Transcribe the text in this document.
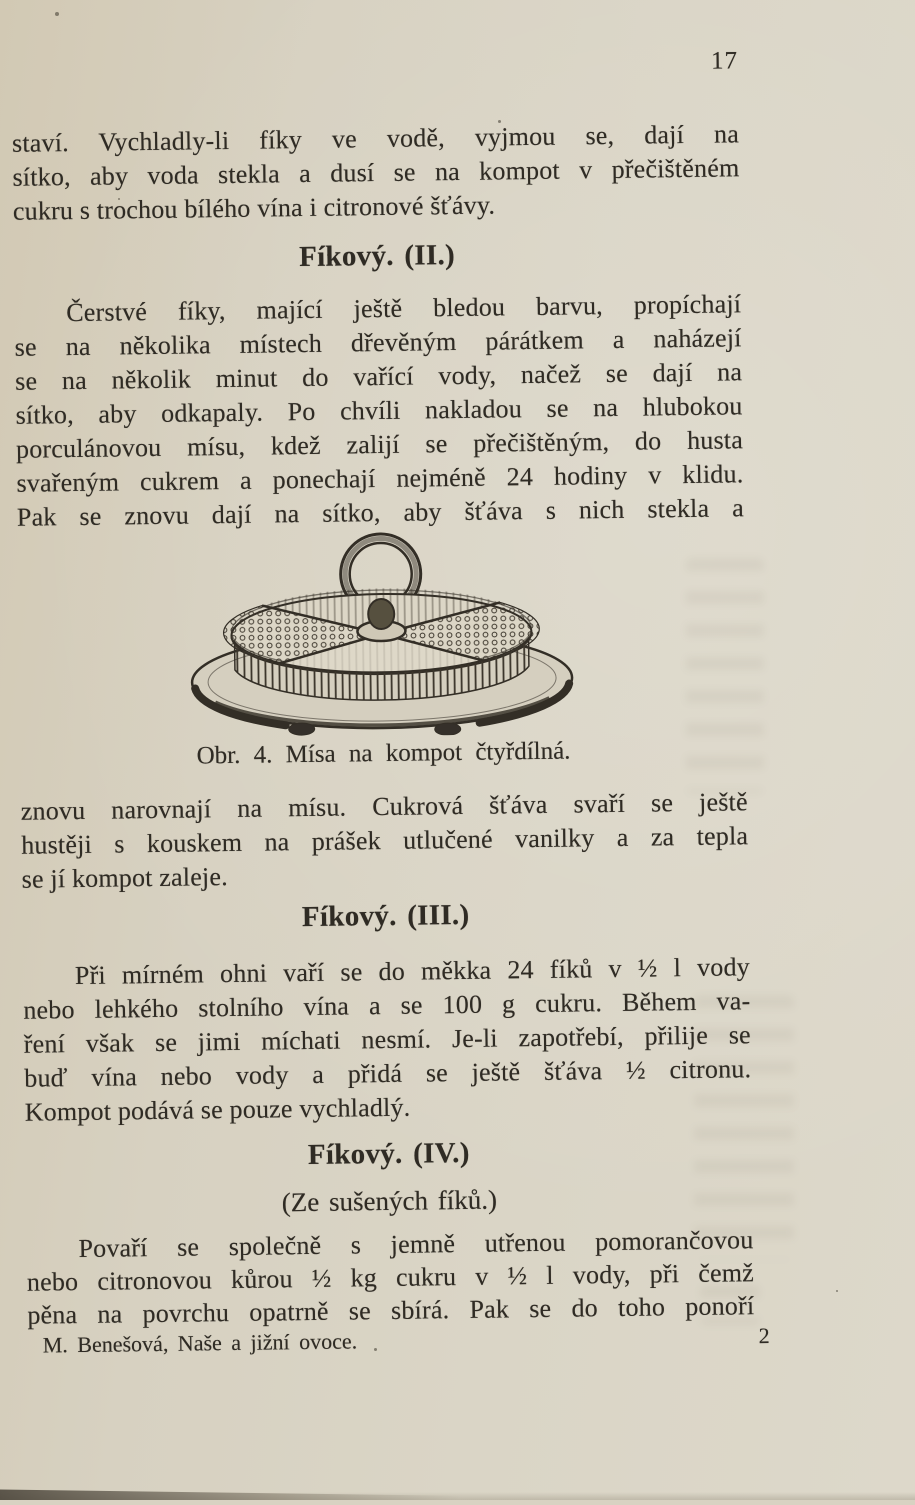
17
staví. Vychladly-li fíky ve vodě, vyjmou se, dají na
sítko, aby voda stekla a dusí se na kompot v přečištěném
cukru s trochou bílého vína i citronové šťávy.
Fíkový. (II.)
Čerstvé fíky, mající ještě bledou barvu, propíchají
se na několika místech dřevěným párátkem a naházejí
se na několik minut do vařící vody, načež se dají na
sítko, aby odkapaly. Po chvíli nakladou se na hlubokou
porculánovou mísu, kdež zalijí se přečištěným, do husta
svařeným cukrem a ponechají nejméně 24 hodiny v klidu.
Pak se znovu dají na sítko, aby šťáva s nich stekla a
Obr. 4. Mísa na kompot čtyřdílná.
znovu narovnají na mísu. Cukrová šťáva svaří se ještě
hustěji s kouskem na prášek utlučené vanilky a za tepla
se jí kompot zaleje.
Fíkový. (III.)
Při mírném ohni vaří se do měkka 24 fíků v ½ l vody
nebo lehkého stolního vína a se 100 g cukru. Během va-
ření však se jimi míchati nesmí. Je-li zapotřebí, přilije se
buď vína nebo vody a přidá se ještě šťáva ½ citronu.
Kompot podává se pouze vychladlý.
Fíkový. (IV.)
(Ze sušených fíků.)
Povaří se společně s jemně utřenou pomorančovou
nebo citronovou kůrou ½ kg cukru v ½ l vody, při čemž
pěna na povrchu opatrně se sbírá. Pak se do toho ponoří
M. Benešová, Naše a jižní ovoce.	2
